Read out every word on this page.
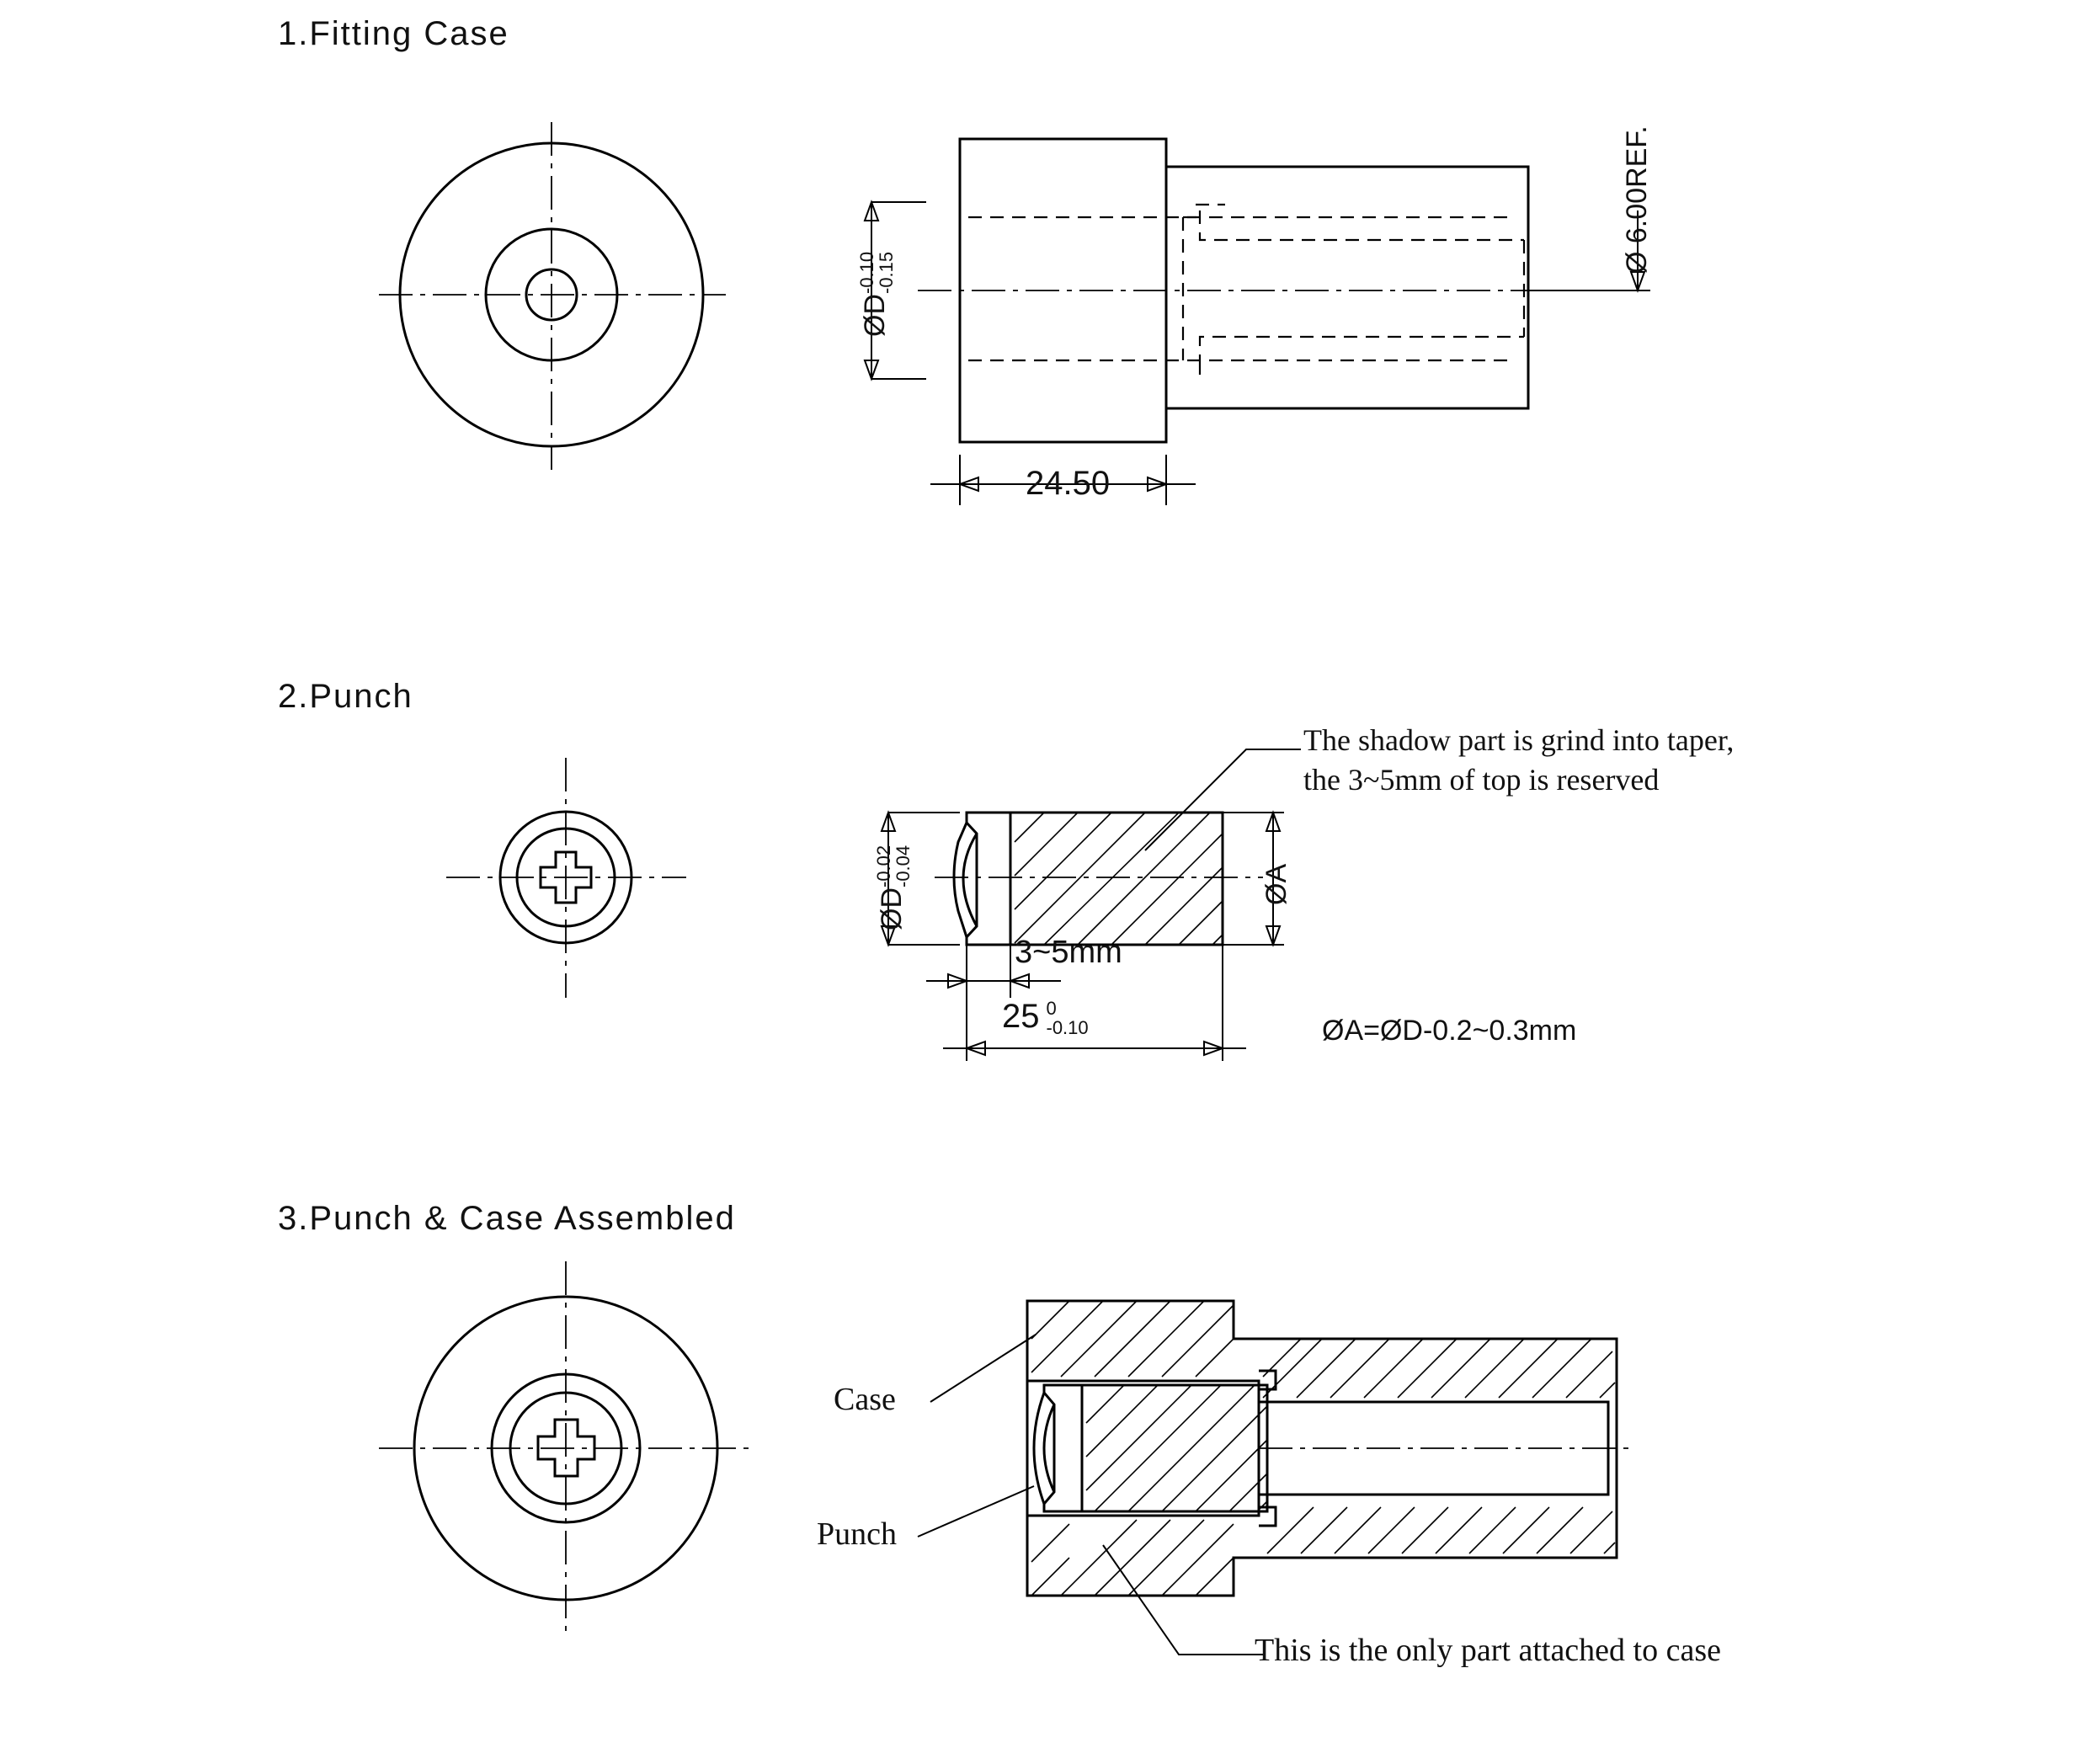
1.Fitting Case
ØD
-0.10
-0.15
24.50
Ø 6.00REF.
ØD
-0.02
-0.04	ØA
3~5mm
25 0
-0.10
The shadow part is grind into taper,
the 3~5mm of top is reserved
ØA=ØD-0.2~0.3mm
3.Punch & Case Assembled
2.Punch
Case
Punch
This is the only part attached to case
